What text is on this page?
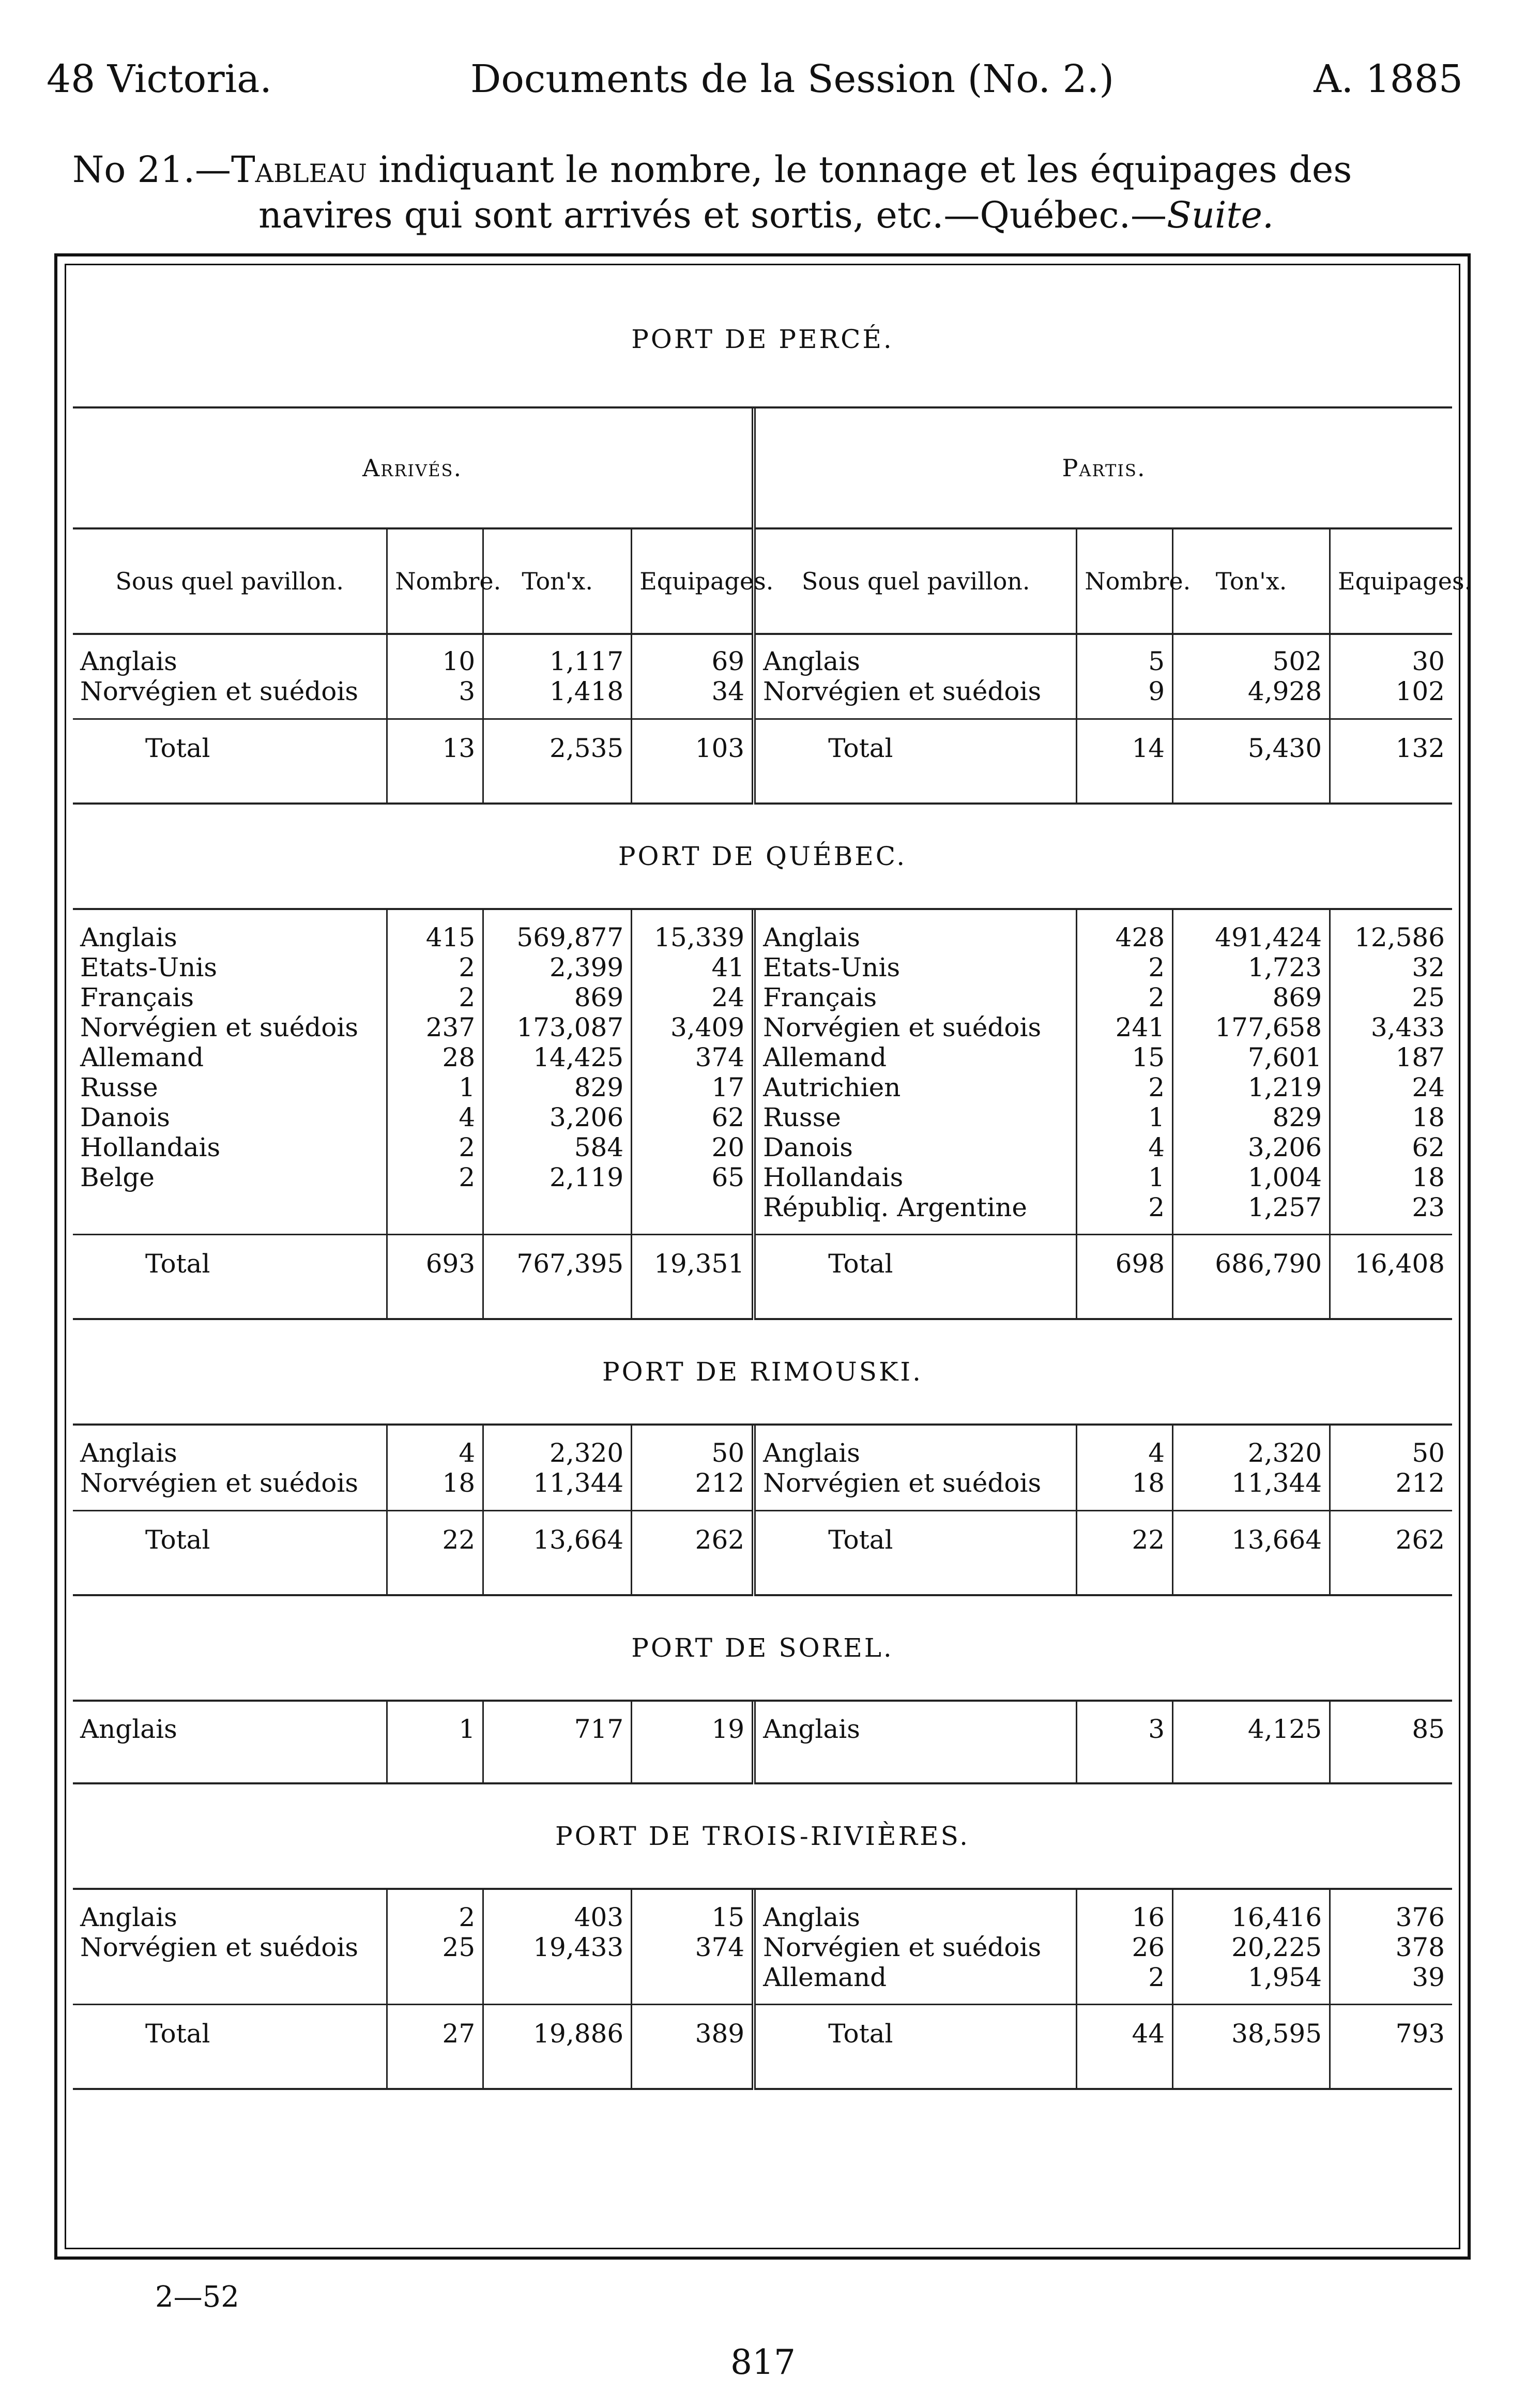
48 Victoria.	Documents de la Session (No. 2.)	A. 1885
No 21.—Tableau indiquant le nombre, le tonnage et les équipages des
navires qui sont arrivés et sortis, etc.—Québec.—Suite.
PORT DE PERCÉ.
Arrivés.				Partis.			
Sous quel pavillon.	Nombre.	Ton'x.	Equipages.	Sous quel pavillon.	Nombre.	Ton'x.	Equipages.

Anglais	10	1,117	69	Anglais	5	502	30
Norvégien et suédois	3	1,418	34	Norvégien et suédois	9	4,928	102

Total	13	2,535	103	Total	14	5,430	132

PORT DE QUÉBEC.

Anglais	415	569,877	15,339	Anglais	428	491,424	12,586
Etats-Unis	2	2,399	41	Etats-Unis	2	1,723	32
Français	2	869	24	Français	2	869	25
Norvégien et suédois	237	173,087	3,409	Norvégien et suédois	241	177,658	3,433
Allemand	28	14,425	374	Allemand	15	7,601	187
Russe	1	829	17	Autrichien	2	1,219	24
Danois	4	3,206	62	Russe	1	829	18
Hollandais	2	584	20	Danois	4	3,206	62
Belge	2	2,119	65	Hollandais	1	1,004	18
				Républiq. Argentine	2	1,257	23

Total	693	767,395	19,351	Total	698	686,790	16,408

PORT DE RIMOUSKI.

Anglais	4	2,320	50	Anglais	4	2,320	50
Norvégien et suédois	18	11,344	212	Norvégien et suédois	18	11,344	212

Total	22	13,664	262	Total	22	13,664	262

PORT DE SOREL.

Anglais	1	717	19	Anglais	3	4,125	85

PORT DE TROIS-RIVIÈRES.

Anglais	2	403	15	Anglais	16	16,416	376
Norvégien et suédois	25	19,433	374	Norvégien et suédois	26	20,225	378
				Allemand	2	1,954	39

Total	27	19,886	389	Total	44	38,595	793

2—52
817
